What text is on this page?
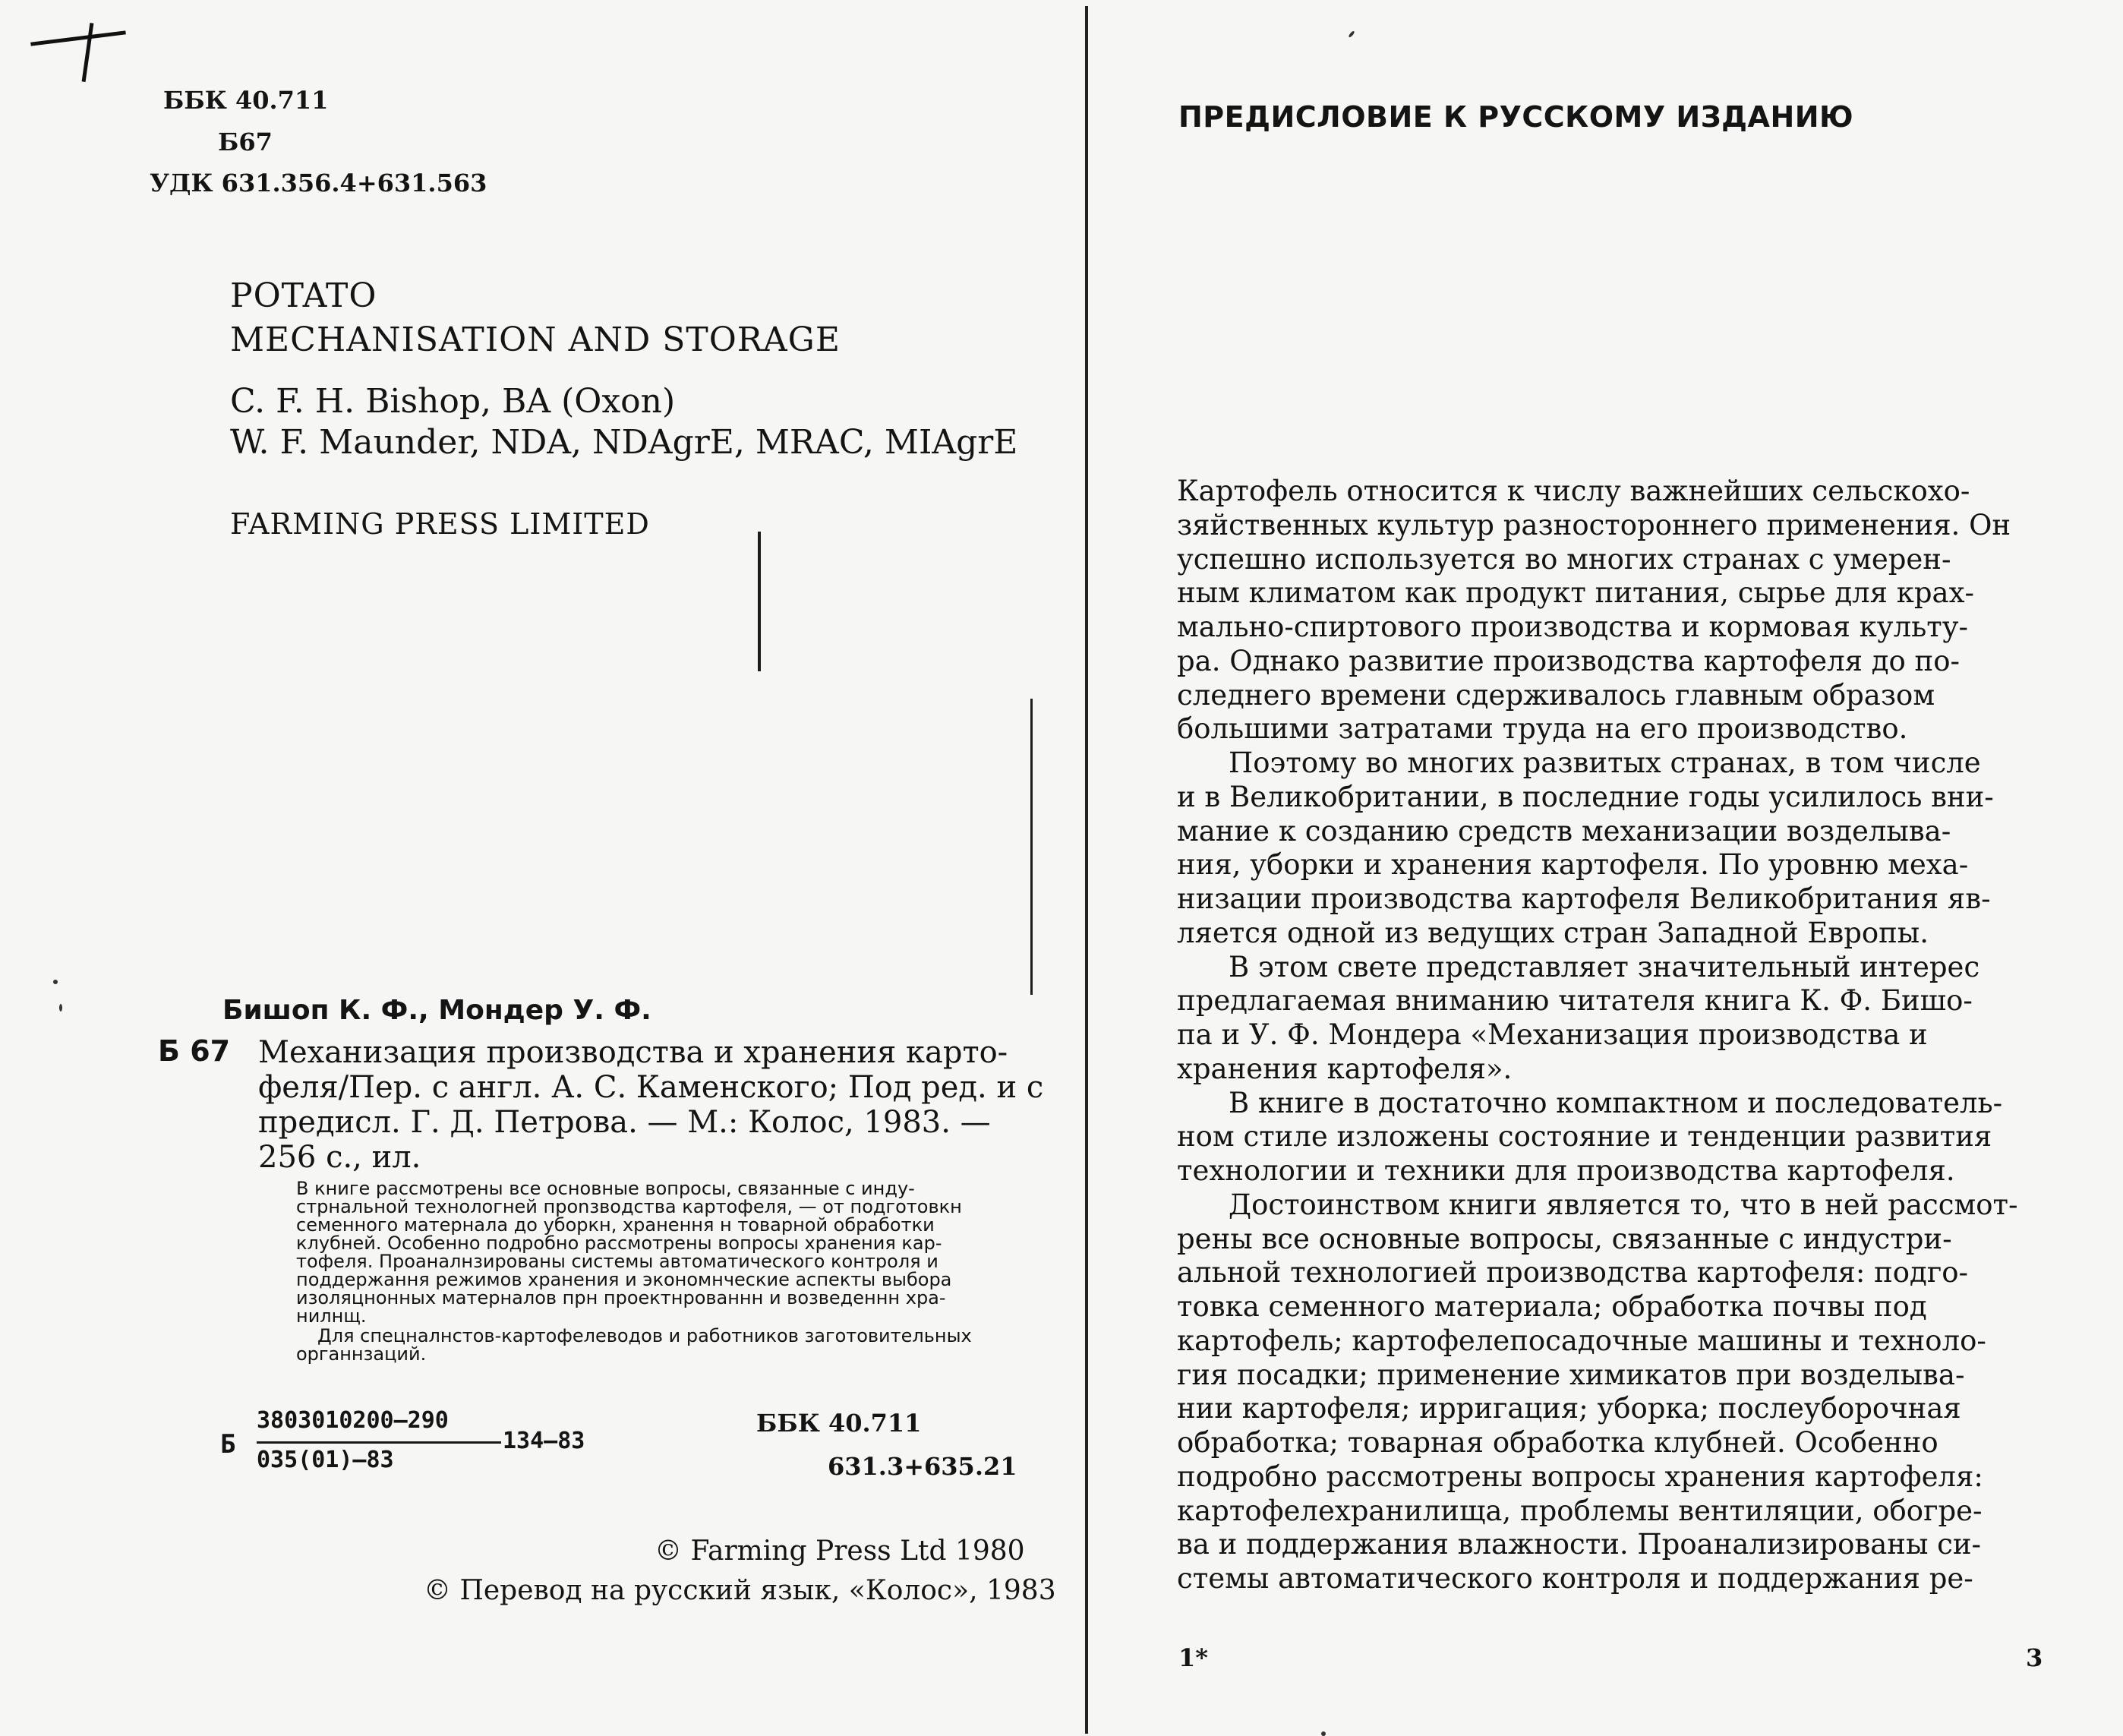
ББК 40.711
Б67
УДК 631.356.4+631.563
POTATO
MECHANISATION AND STORAGE
C. F. H. Bishop, BA (Oxon)
W. F. Maunder, NDA, NDAgrE, MRAC, MIAgrE
FARMING PRESS LIMITED
Бишоп К. Ф., Мондер У. Ф.
Б 67 Механизация производства и хранения карто-

феля/Пер. с англ. А. С. Каменского; Под ред. и с

предисл. Г. Д. Петрова. — М.: Колос, 1983. —

256 с., ил.

В книге рассмотрены все основные вопросы, связанные с инду-

стрнальной технологней проnзводства картофеля, — от подготовкн

семенного матернала до уборкн, хранення н товарной обработки

клубней. Особенно подробно рассмотрены вопросы хранения кар-

тофеля. Проаналнзированы системы автоматического контроля и

поддержання режимов хранения и экономнческие аспекты выбора

изоляцнонных матерналов прн проектнрованнн и возведеннн хра-

нилнщ.

Для спецналнстов-картофелеводов и работников заготовительных

органнзаций.

Б
3803010200—290
035(01)—83
134—83
ББК 40.711
631.3+635.21
© Farming Press Ltd 1980
© Перевод на русский язык, «Колос», 1983
ПРЕДИСЛОВИЕ К РУССКОМУ ИЗДАНИЮ
Картофель относится к числу важнейших сельскохо-
зяйственных культур разностороннего применения. Он
успешно используется во многих странах с умерен-
ным климатом как продукт питания, сырье для крах-
мально-спиртового производства и кормовая культу-
ра. Однако развитие производства картофеля до по-
следнего времени сдерживалось главным образом
большими затратами труда на его производство.
Поэтому во многих развитых странах, в том числе
и в Великобритании, в последние годы усилилось вни-
мание к созданию средств механизации возделыва-
ния, уборки и хранения картофеля. По уровню меха-
низации производства картофеля Великобритания яв-
ляется одной из ведущих стран Западной Европы.
В этом свете представляет значительный интерес
предлагаемая вниманию читателя книга К. Ф. Бишо-
па и У. Ф. Мондера «Механизация производства и
хранения картофеля».
В книге в достаточно компактном и последователь-
ном стиле изложены состояние и тенденции развития
технологии и техники для производства картофеля.
Достоинством книги является то, что в ней рассмот-
рены все основные вопросы, связанные с индустри-
альной технологией производства картофеля: подго-
товка семенного материала; обработка почвы под
картофель; картофелепосадочные машины и техноло-
гия посадки; применение химикатов при возделыва-
нии картофеля; ирригация; уборка; послеуборочная
обработка; товарная обработка клубней. Особенно
подробно рассмотрены вопросы хранения картофеля:
картофелехранилища, проблемы вентиляции, обогре-
ва и поддержания влажности. Проанализированы си-
стемы автоматического контроля и поддержания ре-
1*	3
